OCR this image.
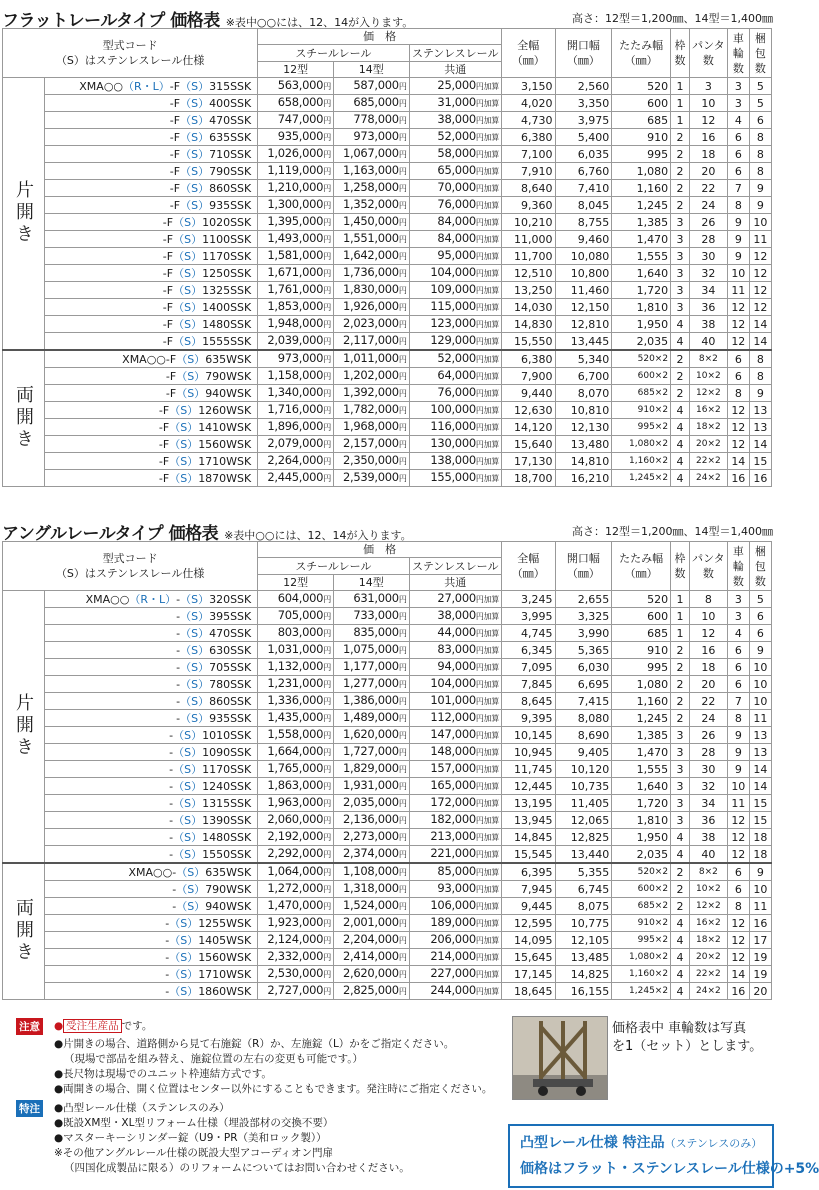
フラットレールタイプ 価格表 ※表中○○には、12、14が入ります。	高さ：12型＝1,200㎜、14型＝1,400㎜
型式コード
（S）はステンレスレール仕様		価　格			全幅（㎜）	開口幅（㎜）	たたみ幅（㎜）	枠数	パンタ数	車輪数	梱包数
		スチールレール		ステンレスレール							
		12型	14型	共通							
片開き	XMA○○（R・L）-F（S）315SSK	563,000円	587,000円	25,000円加算	3,150	2,560	520	1	3	3	5
	-F（S）400SSK	658,000円	685,000円	31,000円加算	4,020	3,350	600	1	10	3	5
	-F（S）470SSK	747,000円	778,000円	38,000円加算	4,730	3,975	685	1	12	4	6
	-F（S）635SSK	935,000円	973,000円	52,000円加算	6,380	5,400	910	2	16	6	8
	-F（S）710SSK	1,026,000円	1,067,000円	58,000円加算	7,100	6,035	995	2	18	6	8
	-F（S）790SSK	1,119,000円	1,163,000円	65,000円加算	7,910	6,760	1,080	2	20	6	8
	-F（S）860SSK	1,210,000円	1,258,000円	70,000円加算	8,640	7,410	1,160	2	22	7	9
	-F（S）935SSK	1,300,000円	1,352,000円	76,000円加算	9,360	8,045	1,245	2	24	8	9
	-F（S）1020SSK	1,395,000円	1,450,000円	84,000円加算	10,210	8,755	1,385	3	26	9	10
	-F（S）1100SSK	1,493,000円	1,551,000円	84,000円加算	11,000	9,460	1,470	3	28	9	11
	-F（S）1170SSK	1,581,000円	1,642,000円	95,000円加算	11,700	10,080	1,555	3	30	9	12
	-F（S）1250SSK	1,671,000円	1,736,000円	104,000円加算	12,510	10,800	1,640	3	32	10	12
	-F（S）1325SSK	1,761,000円	1,830,000円	109,000円加算	13,250	11,460	1,720	3	34	11	12
	-F（S）1400SSK	1,853,000円	1,926,000円	115,000円加算	14,030	12,150	1,810	3	36	12	12
	-F（S）1480SSK	1,948,000円	2,023,000円	123,000円加算	14,830	12,810	1,950	4	38	12	14
	-F（S）1555SSK	2,039,000円	2,117,000円	129,000円加算	15,550	13,445	2,035	4	40	12	14
両開き	XMA○○-F（S）635WSK	973,000円	1,011,000円	52,000円加算	6,380	5,340	520×2	2	8×2	6	8
	-F（S）790WSK	1,158,000円	1,202,000円	64,000円加算	7,900	6,700	600×2	2	10×2	6	8
	-F（S）940WSK	1,340,000円	1,392,000円	76,000円加算	9,440	8,070	685×2	2	12×2	8	9
	-F（S）1260WSK	1,716,000円	1,782,000円	100,000円加算	12,630	10,810	910×2	4	16×2	12	13
	-F（S）1410WSK	1,896,000円	1,968,000円	116,000円加算	14,120	12,130	995×2	4	18×2	12	13
	-F（S）1560WSK	2,079,000円	2,157,000円	130,000円加算	15,640	13,480	1,080×2	4	20×2	12	14
	-F（S）1710WSK	2,264,000円	2,350,000円	138,000円加算	17,130	14,810	1,160×2	4	22×2	14	15
	-F（S）1870WSK	2,445,000円	2,539,000円	155,000円加算	18,700	16,210	1,245×2	4	24×2	16	16
アングルレールタイプ 価格表 ※表中○○には、12、14が入ります。	高さ：12型＝1,200㎜、14型＝1,400㎜
型式コード
（S）はステンレスレール仕様		価　格			全幅（㎜）	開口幅（㎜）	たたみ幅（㎜）	枠数	パンタ数	車輪数	梱包数
		スチールレール		ステンレスレール							
		12型	14型	共通							
片開き	XMA○○（R・L）-（S）320SSK	604,000円	631,000円	27,000円加算	3,245	2,655	520	1	8	3	5
	-（S）395SSK	705,000円	733,000円	38,000円加算	3,995	3,325	600	1	10	3	6
	-（S）470SSK	803,000円	835,000円	44,000円加算	4,745	3,990	685	1	12	4	6
	-（S）630SSK	1,031,000円	1,075,000円	83,000円加算	6,345	5,365	910	2	16	6	9
	-（S）705SSK	1,132,000円	1,177,000円	94,000円加算	7,095	6,030	995	2	18	6	10
	-（S）780SSK	1,231,000円	1,277,000円	104,000円加算	7,845	6,695	1,080	2	20	6	10
	-（S）860SSK	1,336,000円	1,386,000円	101,000円加算	8,645	7,415	1,160	2	22	7	10
	-（S）935SSK	1,435,000円	1,489,000円	112,000円加算	9,395	8,080	1,245	2	24	8	11
	-（S）1010SSK	1,558,000円	1,620,000円	147,000円加算	10,145	8,690	1,385	3	26	9	13
	-（S）1090SSK	1,664,000円	1,727,000円	148,000円加算	10,945	9,405	1,470	3	28	9	13
	-（S）1170SSK	1,765,000円	1,829,000円	157,000円加算	11,745	10,120	1,555	3	30	9	14
	-（S）1240SSK	1,863,000円	1,931,000円	165,000円加算	12,445	10,735	1,640	3	32	10	14
	-（S）1315SSK	1,963,000円	2,035,000円	172,000円加算	13,195	11,405	1,720	3	34	11	15
	-（S）1390SSK	2,060,000円	2,136,000円	182,000円加算	13,945	12,065	1,810	3	36	12	15
	-（S）1480SSK	2,192,000円	2,273,000円	213,000円加算	14,845	12,825	1,950	4	38	12	18
	-（S）1550SSK	2,292,000円	2,374,000円	221,000円加算	15,545	13,440	2,035	4	40	12	18
両開き	XMA○○-（S）635WSK	1,064,000円	1,108,000円	85,000円加算	6,395	5,355	520×2	2	8×2	6	9
	-（S）790WSK	1,272,000円	1,318,000円	93,000円加算	7,945	6,745	600×2	2	10×2	6	10
	-（S）940WSK	1,470,000円	1,524,000円	106,000円加算	9,445	8,075	685×2	2	12×2	8	11
	-（S）1255WSK	1,923,000円	2,001,000円	189,000円加算	12,595	10,775	910×2	4	16×2	12	16
	-（S）1405WSK	2,124,000円	2,204,000円	206,000円加算	14,095	12,105	995×2	4	18×2	12	17
	-（S）1560WSK	2,332,000円	2,414,000円	214,000円加算	15,645	13,485	1,080×2	4	20×2	12	19
	-（S）1710WSK	2,530,000円	2,620,000円	227,000円加算	17,145	14,825	1,160×2	4	22×2	14	19
	-（S）1860WSK	2,727,000円	2,825,000円	244,000円加算	18,645	16,155	1,245×2	4	24×2	16	20
注意 ● 受注生産品 です。
●片開きの場合、道路側から見て右施錠（R）か、左施錠（L）かをご指定ください。
（現場で部品を組み替え、施錠位置の左右の変更も可能です。）
●長尺物は現場でのユニット枠連結方式です。
●両開きの場合、開く位置はセンター以外にすることもできます。発注時にご指定ください。
特注 ●凸型レール仕様（ステンレスのみ）
●既設XM型・XL型リフォーム仕様（埋設部材の交換不要）
●マスターキーシリンダー錠（U9・PR（美和ロック製））
※その他アングルレール仕様の既設大型アコーディオン門扉
（四国化成製品に限る）のリフォームについてはお問い合わせください。
価格表中 車輪数は写真
を1（セット）とします。
凸型レール仕様 特注品（ステンレスのみ）
価格はフラット・ステンレスレール仕様の+5%
